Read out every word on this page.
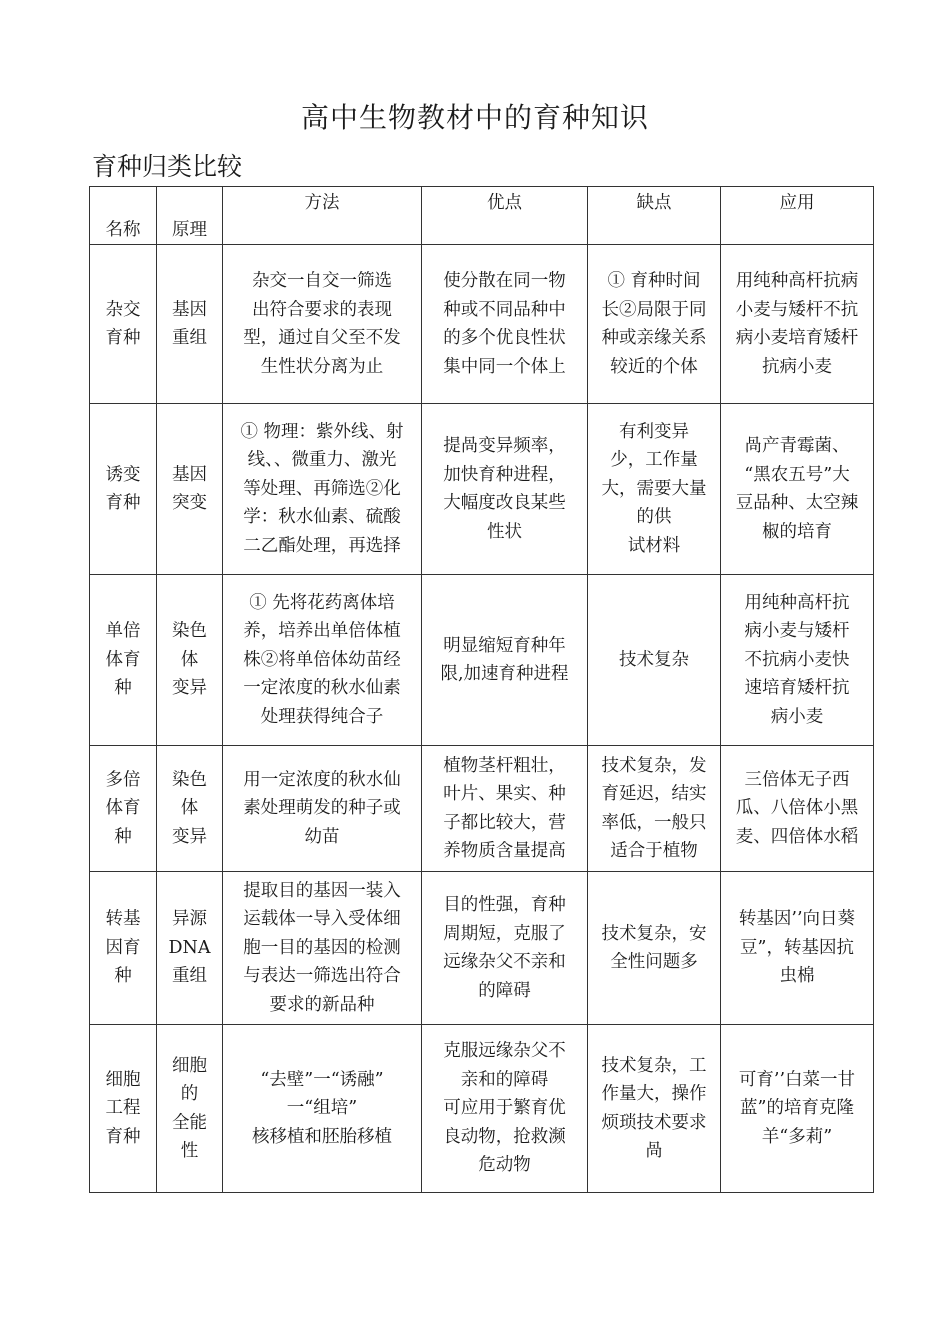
高中生物教材中的育种知识
育种归类比较
名称	原理	方法	优点	缺点	应用

杂交
育种	基因
重组	杂交一自交一筛选
出符合要求的表现
型，通过自父至不发
生性状分离为止	使分散在同一物
种或不同品种中
的多个优良性状
集中同一个体上	① 育种时间
长②局限于同
种或亲缘关系
较近的个体	用纯种高杆抗病
小麦与矮杆不抗
病小麦培育矮杆
抗病小麦

诱变
育种	基因
突变	① 物理：紫外线、射
线、、微重力、激光
等处理、再筛选②化
学：秋水仙素、硫酸
二乙酯处理，再选择	提咼变异频率，
加快育种进程，
大幅度改良某些
性状	有利变异
少，工作量
大，需要大量
的供
试材料	咼产青霉菌、
“黑农五号”大
豆品种、太空辣
椒的培育

单倍
体育
种	染色
体
变异	① 先将花药离体培
养，培养出单倍体植
株②将单倍体幼苗经
一定浓度的秋水仙素
处理获得纯合子	明显缩短育种年
限,加速育种进程	技术复杂	用纯种高杆抗
病小麦与矮杆
不抗病小麦快
速培育矮杆抗
病小麦

多倍
体育
种	染色
体
变异	用一定浓度的秋水仙
素处理萌发的种子或
幼苗	植物茎杆粗壮，
叶片、果实、种
子都比较大，营
养物质含量提高	技术复杂，发
育延迟，结实
率低，一般只
适合于植物	三倍体无子西
瓜、八倍体小黑
麦、四倍体水稻

转基
因育
种	异源
DNA
重组	提取目的基因一装入
运载体一导入受体细
胞一目的基因的检测
与表达一筛选出符合
要求的新品种	目的性强，育种
周期短，克服了
远缘杂父不亲和
的障碍	技术复杂，安
全性问题多	转基因’’向日葵
豆”，转基因抗
虫棉

细胞
工程
育种	细胞
的
全能
性	“去壁”一“诱融”
一“组培”
核移植和胚胎移植	克服远缘杂父不
亲和的障碍
可应用于繁育优
良动物，抢救濒
危动物	技术复杂，工
作量大，操作
烦琐技术要求
咼	可育’’白菜一甘
蓝”的培育克隆
羊“多莉”
